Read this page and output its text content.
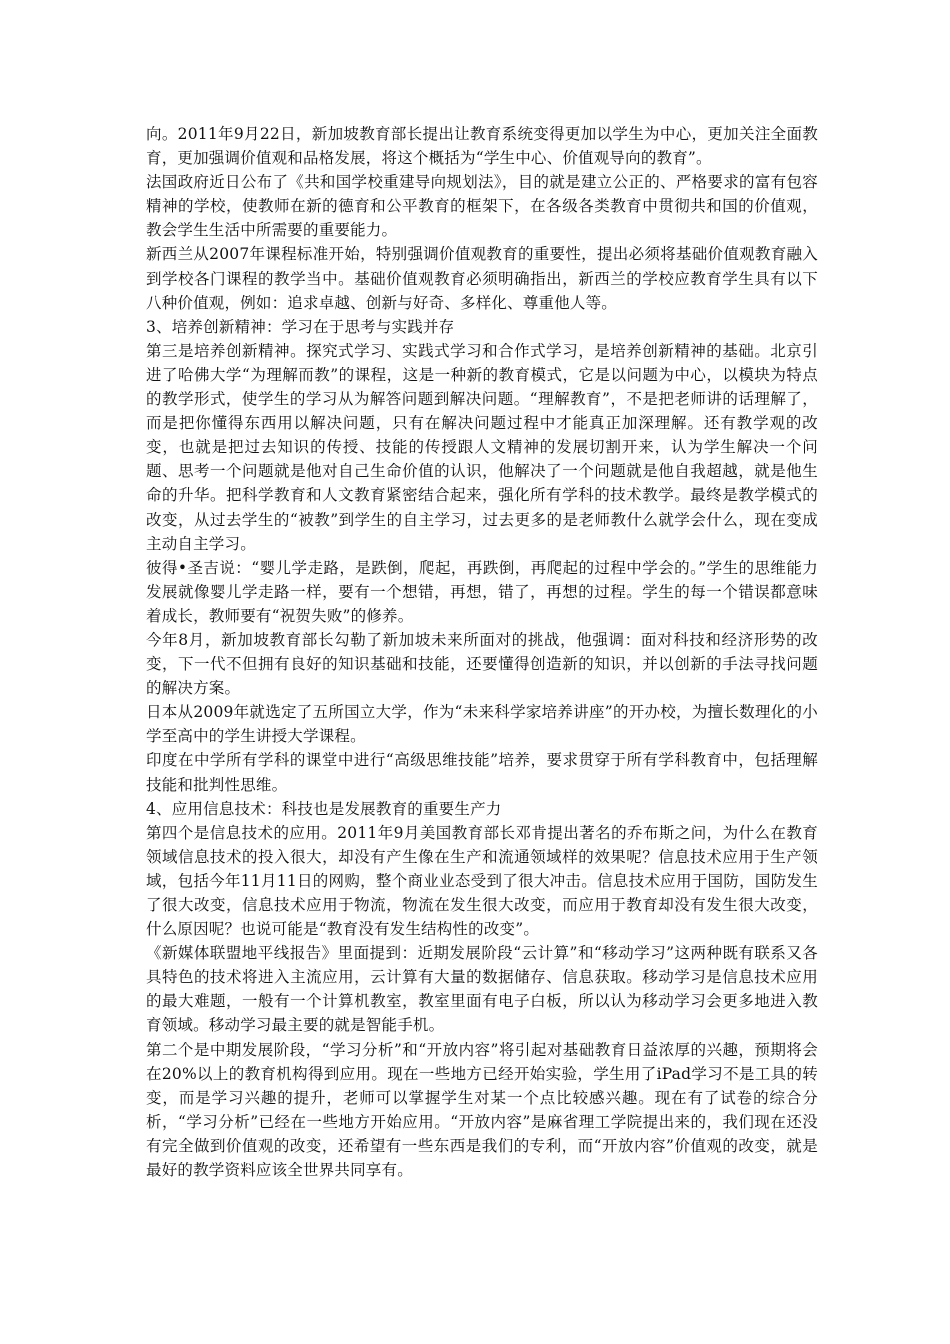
向。2011年9月22日，新加坡教育部长提出让教育系统变得更加以学生为中心，更加关注全面教育，更加强调价值观和品格发展，将这个概括为“学生中心、价值观导向的教育”。

法国政府近日公布了《共和国学校重建导向规划法》，目的就是建立公正的、严格要求的富有包容精神的学校，使教师在新的德育和公平教育的框架下，在各级各类教育中贯彻共和国的价值观，教会学生生活中所需要的重要能力。

新西兰从2007年课程标准开始，特别强调价值观教育的重要性，提出必须将基础价值观教育融入到学校各门课程的教学当中。基础价值观教育必须明确指出，新西兰的学校应教育学生具有以下八种价值观，例如：追求卓越、创新与好奇、多样化、尊重他人等。

3、培养创新精神：学习在于思考与实践并存

第三是培养创新精神。探究式学习、实践式学习和合作式学习，是培养创新精神的基础。北京引进了哈佛大学“为理解而教”的课程，这是一种新的教育模式，它是以问题为中心，以模块为特点的教学形式，使学生的学习从为解答问题到解决问题。“理解教育”，不是把老师讲的话理解了，而是把你懂得东西用以解决问题，只有在解决问题过程中才能真正加深理解。还有教学观的改变，也就是把过去知识的传授、技能的传授跟人文精神的发展切割开来，认为学生解决一个问题、思考一个问题就是他对自己生命价值的认识，他解决了一个问题就是他自我超越，就是他生命的升华。把科学教育和人文教育紧密结合起来，强化所有学科的技术教学。最终是教学模式的改变，从过去学生的“被教”到学生的自主学习，过去更多的是老师教什么就学会什么，现在变成主动自主学习。

彼得•圣吉说：“婴儿学走路，是跌倒，爬起，再跌倒，再爬起的过程中学会的。”学生的思维能力发展就像婴儿学走路一样，要有一个想错，再想，错了，再想的过程。学生的每一个错误都意味着成长，教师要有“祝贺失败”的修养。

今年8月，新加坡教育部长勾勒了新加坡未来所面对的挑战，他强调：面对科技和经济形势的改变，下一代不但拥有良好的知识基础和技能，还要懂得创造新的知识，并以创新的手法寻找问题的解决方案。

日本从2009年就选定了五所国立大学，作为“未来科学家培养讲座”的开办校，为擅长数理化的小学至高中的学生讲授大学课程。

印度在中学所有学科的课堂中进行“高级思维技能”培养，要求贯穿于所有学科教育中，包括理解技能和批判性思维。

4、应用信息技术：科技也是发展教育的重要生产力

第四个是信息技术的应用。2011年9月美国教育部长邓肯提出著名的乔布斯之问，为什么在教育领域信息技术的投入很大，却没有产生像在生产和流通领域样的效果呢？信息技术应用于生产领域，包括今年11月11日的网购，整个商业业态受到了很大冲击。信息技术应用于国防，国防发生了很大改变，信息技术应用于物流，物流在发生很大改变，而应用于教育却没有发生很大改变，什么原因呢？也说可能是“教育没有发生结构性的改变”。

《新媒体联盟地平线报告》里面提到：近期发展阶段“云计算”和“移动学习”这两种既有联系又各具特色的技术将进入主流应用，云计算有大量的数据储存、信息获取。移动学习是信息技术应用的最大难题，一般有一个计算机教室，教室里面有电子白板，所以认为移动学习会更多地进入教育领域。移动学习最主要的就是智能手机。

第二个是中期发展阶段，“学习分析”和“开放内容”将引起对基础教育日益浓厚的兴趣，预期将会在20%以上的教育机构得到应用。现在一些地方已经开始实验，学生用了iPad学习不是工具的转变，而是学习兴趣的提升，老师可以掌握学生对某一个点比较感兴趣。现在有了试卷的综合分析，“学习分析”已经在一些地方开始应用。“开放内容”是麻省理工学院提出来的，我们现在还没有完全做到价值观的改变，还希望有一些东西是我们的专利，而“开放内容”价值观的改变，就是最好的教学资料应该全世界共同享有。
